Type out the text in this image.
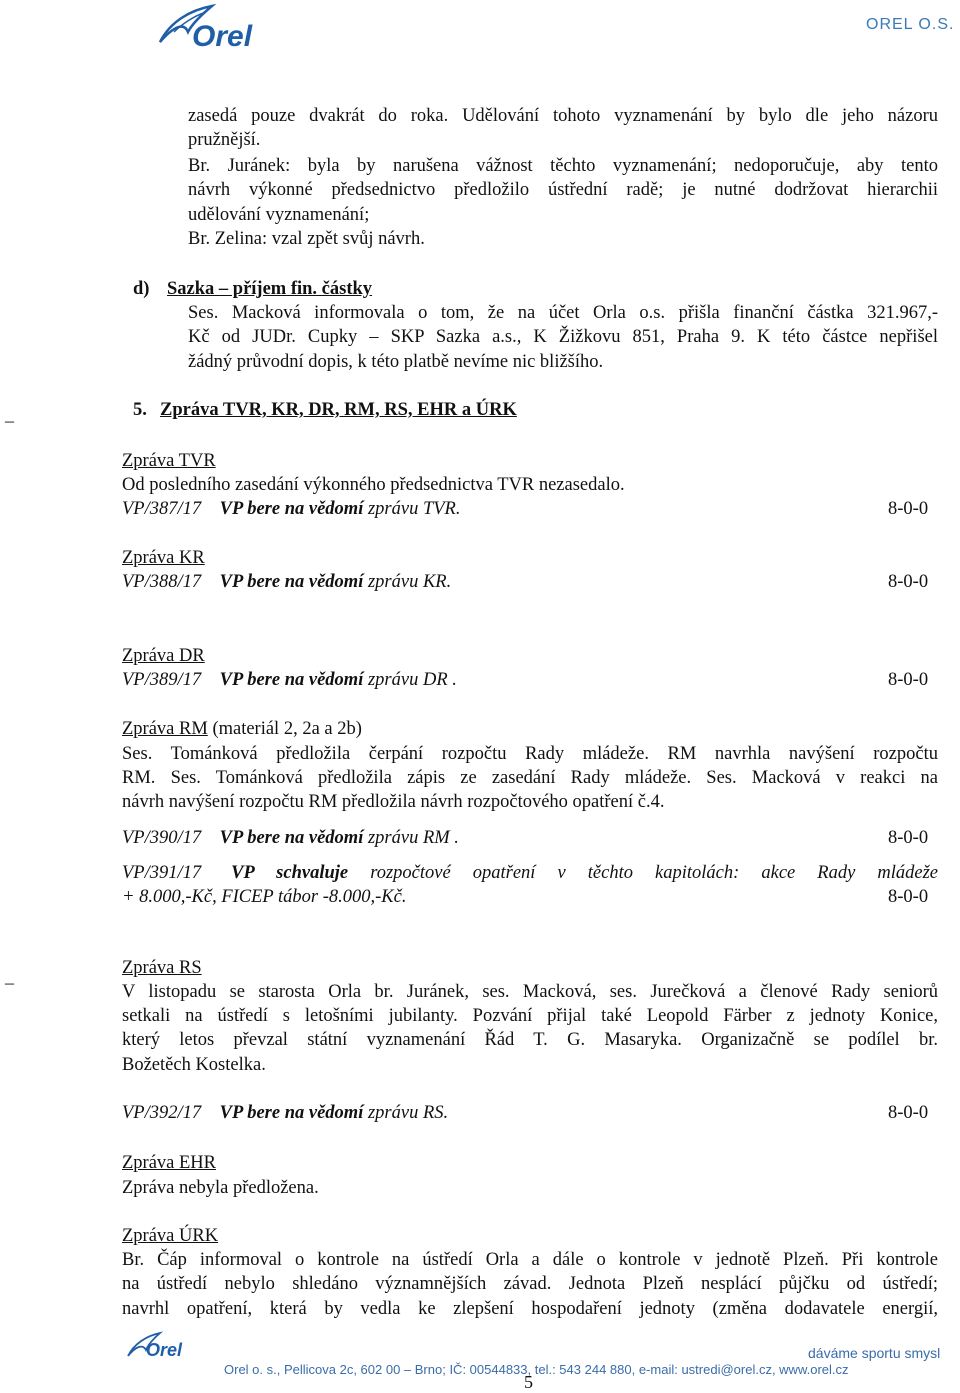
Orel	OREL O.S.
_
_
zasedá pouze dvakrát do roka. Udělování tohoto vyznamenání by bylo dle jeho názoru
pružnější.
Br. Juránek: byla by narušena vážnost těchto vyznamenání; nedoporučuje, aby tento
návrh výkonné předsednictvo předložilo ústřední radě; je nutné dodržovat hierarchii
udělování vyznamenání;
Br. Zelina: vzal zpět svůj návrh.
d) Sazka – příjem fin. částky
Ses. Macková informovala o tom, že na účet Orla o.s. přišla finanční částka 321.967,-
Kč od JUDr. Cupky – SKP Sazka a.s., K Žižkovu 851, Praha 9. K této částce nepřišel
žádný průvodní dopis, k této platbě nevíme nic bližšího.
5. Zpráva TVR, KR, DR, RM, RS, EHR a ÚRK
Zpráva TVR
Od posledního zasedání výkonného předsednictva TVR nezasedalo.
VP/387/17 VP bere na vědomí zprávu TVR.	8-0-0
Zpráva KR
VP/388/17 VP bere na vědomí zprávu KR.	8-0-0
Zpráva DR
VP/389/17 VP bere na vědomí zprávu DR .	8-0-0
Zpráva RM (materiál 2, 2a a 2b)
Ses. Tománková předložila čerpání rozpočtu Rady mládeže. RM navrhla navýšení rozpočtu
RM. Ses. Tománková předložila zápis ze zasedání Rady mládeže. Ses. Macková v reakci na
návrh navýšení rozpočtu RM předložila návrh rozpočtového opatření č.4.
VP/390/17 VP bere na vědomí zprávu RM .	8-0-0
VP/391/17 VP schvaluje rozpočtové opatření v těchto kapitolách: akce Rady mládeže
+ 8.000,-Kč, FICEP tábor -8.000,-Kč.	8-0-0
Zpráva RS
V listopadu se starosta Orla br. Juránek, ses. Macková, ses. Jurečková a členové Rady seniorů
setkali na ústředí s letošními jubilanty. Pozvání přijal také Leopold Färber z jednoty Konice,
který letos převzal státní vyznamenání Řád T. G. Masaryka. Organizačně se podílel br.
Božetěch Kostelka.
VP/392/17 VP bere na vědomí zprávu RS.	8-0-0
Zpráva EHR
Zpráva nebyla předložena.
Zpráva ÚRK
Br. Čáp informoval o kontrole na ústředí Orla a dále o kontrole v jednotě Plzeň. Při kontrole
na ústředí nebylo shledáno významnějších závad. Jednota Plzeň nesplácí půjčku od ústředí;
navrhl opatření, která by vedla ke zlepšení hospodaření jednoty (změna dodavatele energií,
Orel	dáváme sportu smysl
Orel o. s., Pellicova 2c, 602 00 – Brno; IČ: 00544833, tel.: 543 244 880, e-mail: ustredi@orel.cz, www.orel.cz
5
